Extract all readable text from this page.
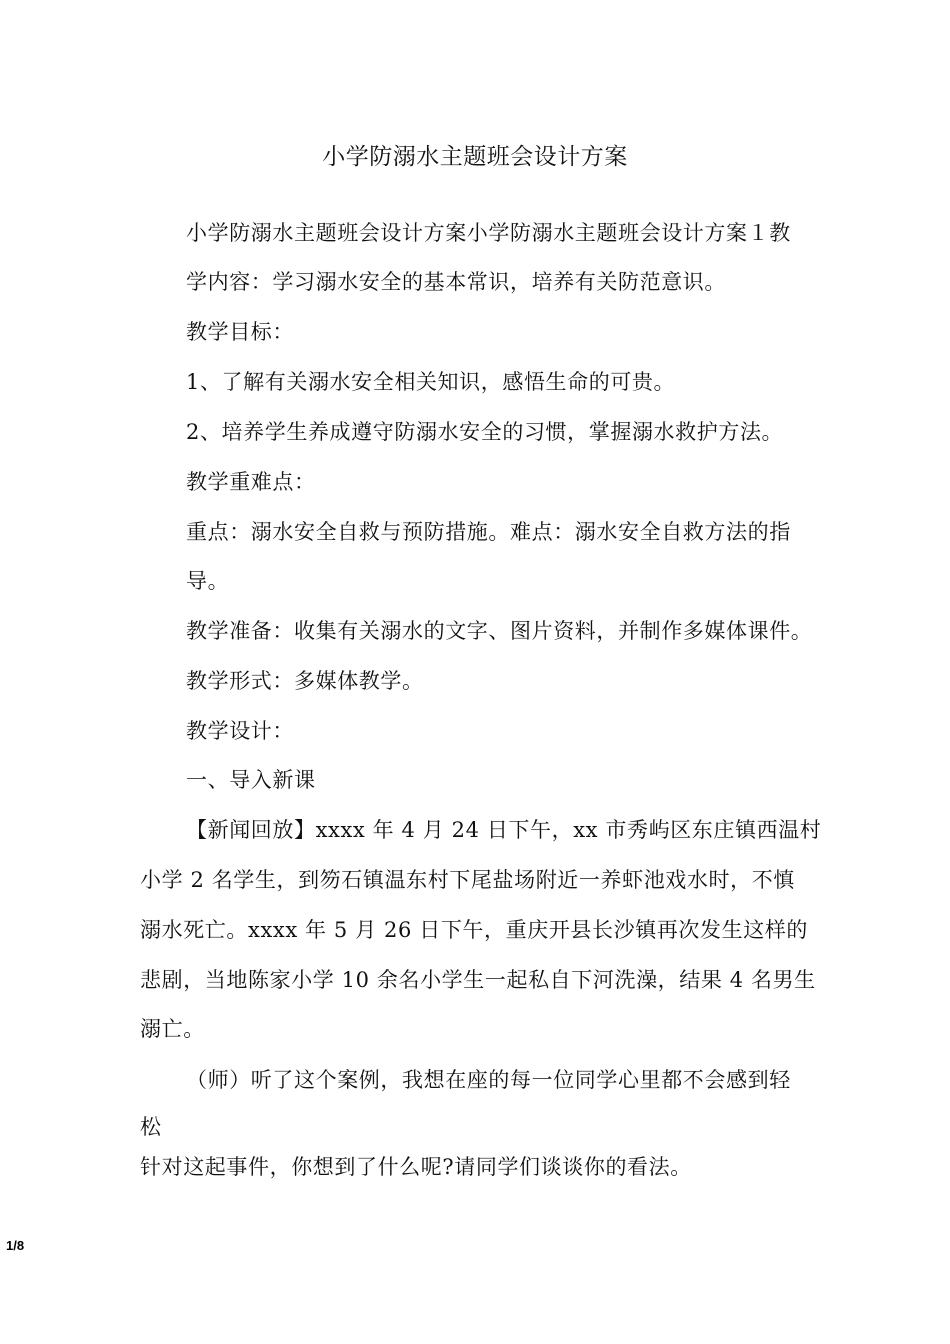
小学防溺水主题班会设计方案
小学防溺水主题班会设计方案小学防溺水主题班会设计方案１教
学内容：学习溺水安全的基本常识，培养有关防范意识。
教学目标：
1、了解有关溺水安全相关知识，感悟生命的可贵。
2、培养学生养成遵守防溺水安全的习惯，掌握溺水救护方法。
教学重难点：
重点：溺水安全自救与预防措施。难点：溺水安全自救方法的指
导。
教学准备：收集有关溺水的文字、图片资料，并制作多媒体课件。
教学形式：多媒体教学。
教学设计：
一、导入新课
【新闻回放】xxxx 年 4 月 24 日下午，xx 市秀屿区东庄镇西温村
小学 2 名学生，到笏石镇温东村下尾盐场附近一养虾池戏水时，不慎
溺水死亡。xxxx 年 5 月 26 日下午，重庆开县长沙镇再次发生这样的
悲剧，当地陈家小学 10 余名小学生一起私自下河洗澡，结果 4 名男生
溺亡。
（师）听了这个案例，我想在座的每一位同学心里都不会感到轻
松
针对这起事件，你想到了什么呢?请同学们谈谈你的看法。
1/8
